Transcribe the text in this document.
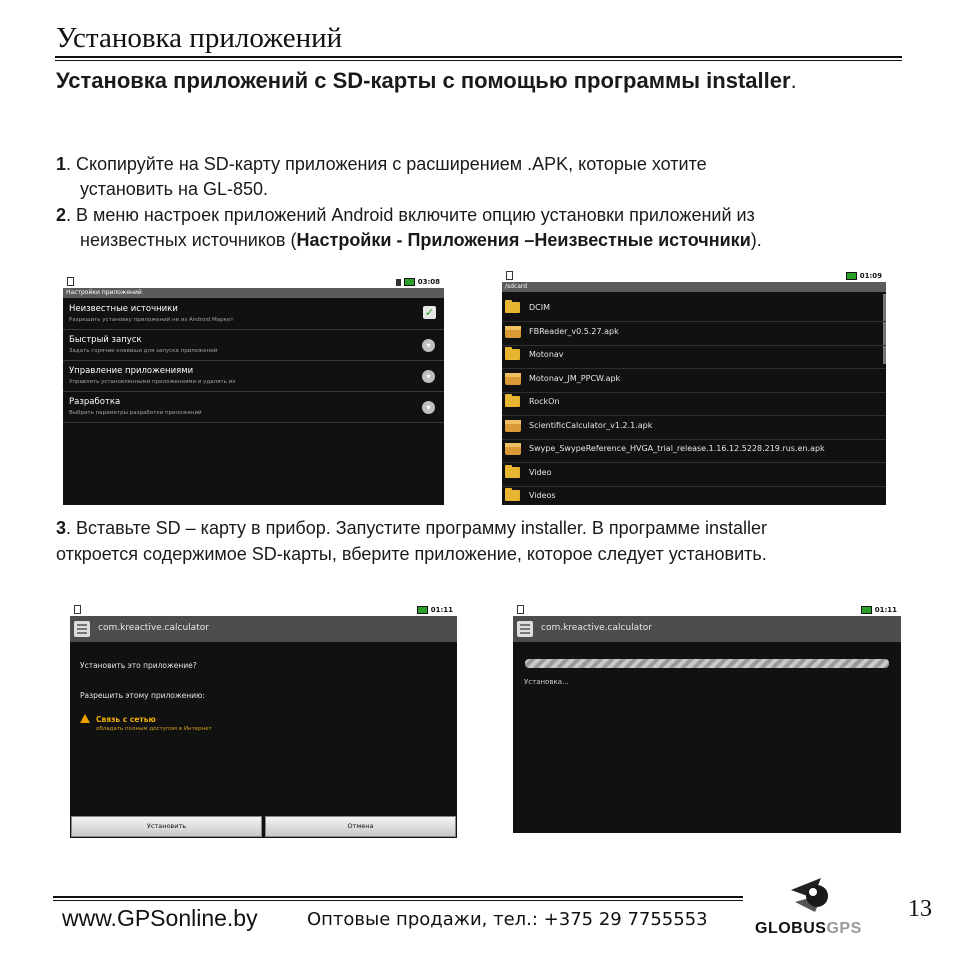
Установка приложений
Установка приложений с SD-карты с помощью программы installer.
1. Скопируйте на SD-карту приложения с расширением .APK, которые хотите
установить на GL-850.
2. В меню настроек приложений Android включите опцию установки приложений из
неизвестных источников (Настройки - Приложения –Неизвестные источники).
03:08
Настройки приложений
Неизвестные источники
Разрешить установку приложений не из Android Маркет
✓
Быстрый запуск
Задать горячие клавиши для запуска приложений
▾
Управление приложениями
Управлять установленными приложениями и удалять их
▾
Разработка
Выбрать параметры разработки приложений
▾
01:09
/sdcard
DCIM
FBReader_v0.5.27.apk
Motonav
Motonav_JM_PPCW.apk
RockOn
ScientificCalculator_v1.2.1.apk
Swype_SwypeReference_HVGA_trial_release.1.16.12.5228.219.rus.en.apk
Video
Videos
3. Вставьте SD – карту в прибор. Запустите программу installer. В программе installer
откроется содержимое SD-карты, вберите приложение, которое следует установить.
01:11
com.kreactive.calculator
Установить это приложение?
Разрешить этому приложению:
Связь с сетью
обладать полным доступом в Интернет
Установить	Отмена
01:11
com.kreactive.calculator
Установка...
www.GPSonline.by	Оптовые продажи, тел.: +375 29 7755553	GLOBUSGPS
13
